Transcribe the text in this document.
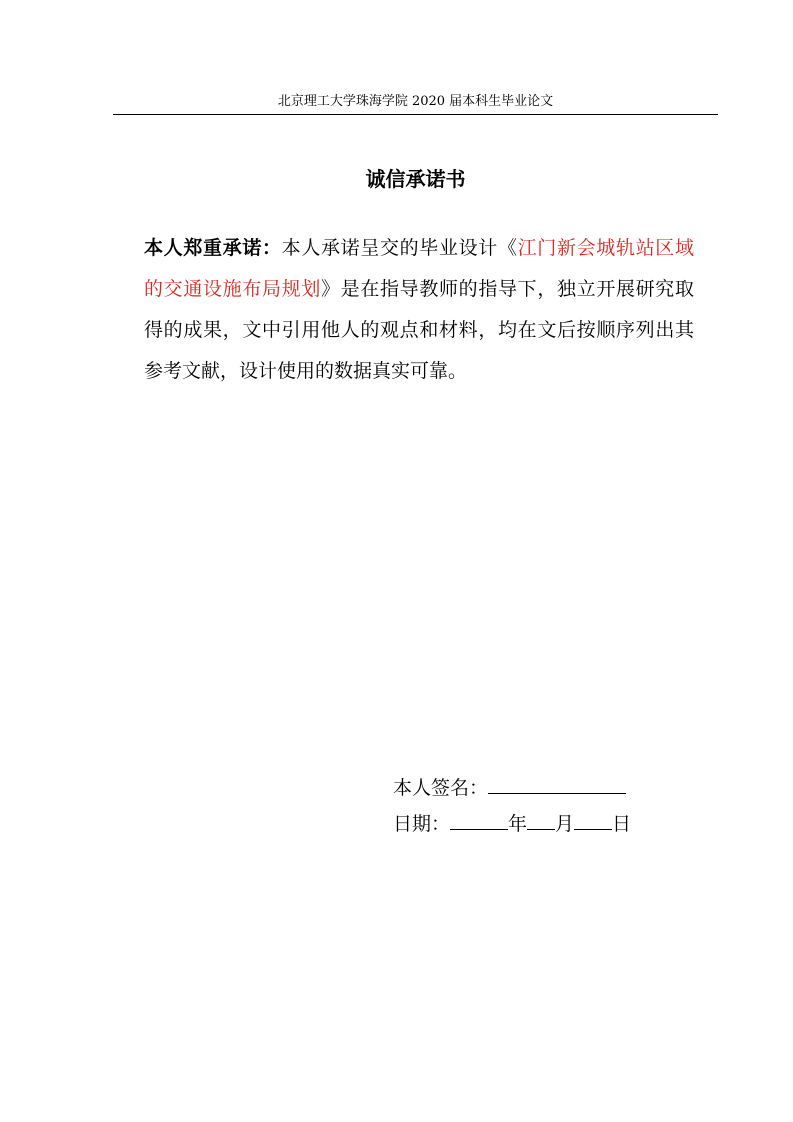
北京理工大学珠海学院 2020 届本科生毕业论文
诚信承诺书
本人郑重承诺：本人承诺呈交的毕业设计《江门新会城轨站区域的交通设施布局规划》是在指导教师的指导下，独立开展研究取得的成果，文中引用他人的观点和材料，均在文后按顺序列出其参考文献，设计使用的数据真实可靠。
本人签名：
日期：	年 月 日
